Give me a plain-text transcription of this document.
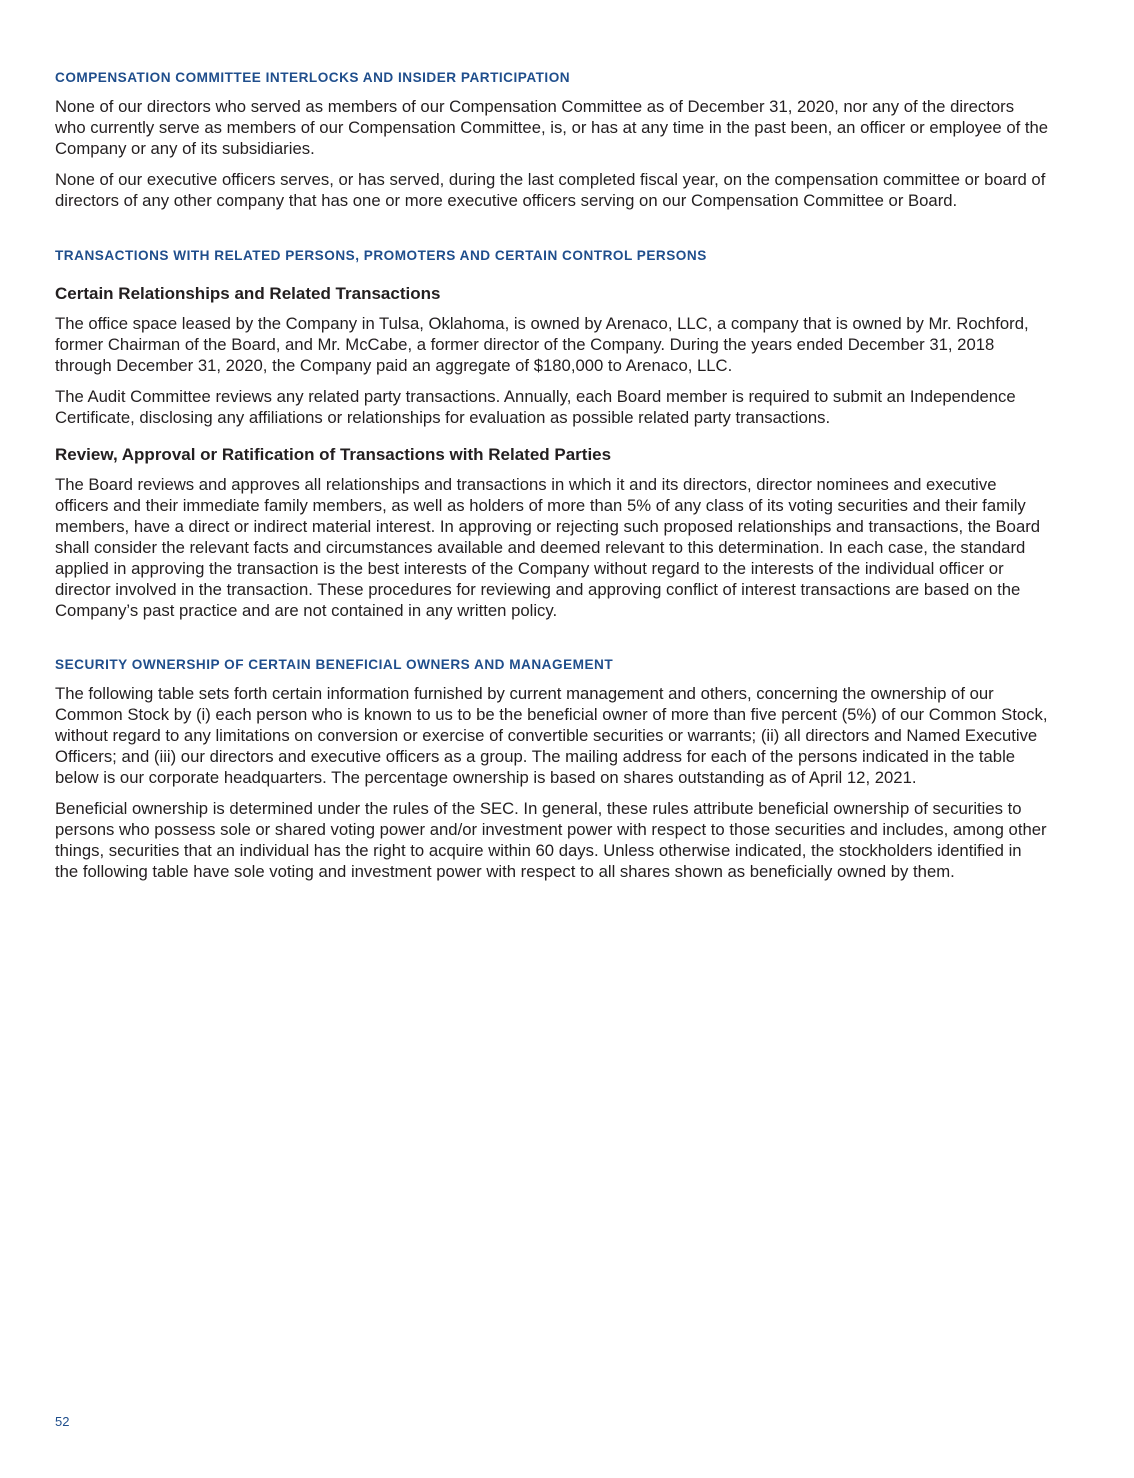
COMPENSATION COMMITTEE INTERLOCKS AND INSIDER PARTICIPATION

None of our directors who served as members of our Compensation Committee as of December 31, 2020, nor any of the directors who currently serve as members of our Compensation Committee, is, or has at any time in the past been, an officer or employee of the Company or any of its subsidiaries.

None of our executive officers serves, or has served, during the last completed fiscal year, on the compensation committee or board of directors of any other company that has one or more executive officers serving on our Compensation Committee or Board.

TRANSACTIONS WITH RELATED PERSONS, PROMOTERS AND CERTAIN CONTROL PERSONS
Certain Relationships and Related Transactions

The office space leased by the Company in Tulsa, Oklahoma, is owned by Arenaco, LLC, a company that is owned by Mr. Rochford, former Chairman of the Board, and Mr. McCabe, a former director of the Company. During the years ended December 31, 2018 through December 31, 2020, the Company paid an aggregate of $180,000 to Arenaco, LLC.

The Audit Committee reviews any related party transactions. Annually, each Board member is required to submit an Independence Certificate, disclosing any affiliations or relationships for evaluation as possible related party transactions.

Review, Approval or Ratification of Transactions with Related Parties

The Board reviews and approves all relationships and transactions in which it and its directors, director nominees and executive officers and their immediate family members, as well as holders of more than 5% of any class of its voting securities and their family members, have a direct or indirect material interest. In approving or rejecting such proposed relationships and transactions, the Board shall consider the relevant facts and circumstances available and deemed relevant to this determination. In each case, the standard applied in approving the transaction is the best interests of the Company without regard to the interests of the individual officer or director involved in the transaction. These procedures for reviewing and approving conflict of interest transactions are based on the Company’s past practice and are not contained in any written policy.

SECURITY OWNERSHIP OF CERTAIN BENEFICIAL OWNERS AND MANAGEMENT

The following table sets forth certain information furnished by current management and others, concerning the ownership of our Common Stock by (i) each person who is known to us to be the beneficial owner of more than five percent (5%) of our Common Stock, without regard to any limitations on conversion or exercise of convertible securities or warrants; (ii) all directors and Named Executive Officers; and (iii) our directors and executive officers as a group. The mailing address for each of the persons indicated in the table below is our corporate headquarters. The percentage ownership is based on shares outstanding as of April 12, 2021.

Beneficial ownership is determined under the rules of the SEC. In general, these rules attribute beneficial ownership of securities to persons who possess sole or shared voting power and/or investment power with respect to those securities and includes, among other things, securities that an individual has the right to acquire within 60 days. Unless otherwise indicated, the stockholders identified in the following table have sole voting and investment power with respect to all shares shown as beneficially owned by them.

52
